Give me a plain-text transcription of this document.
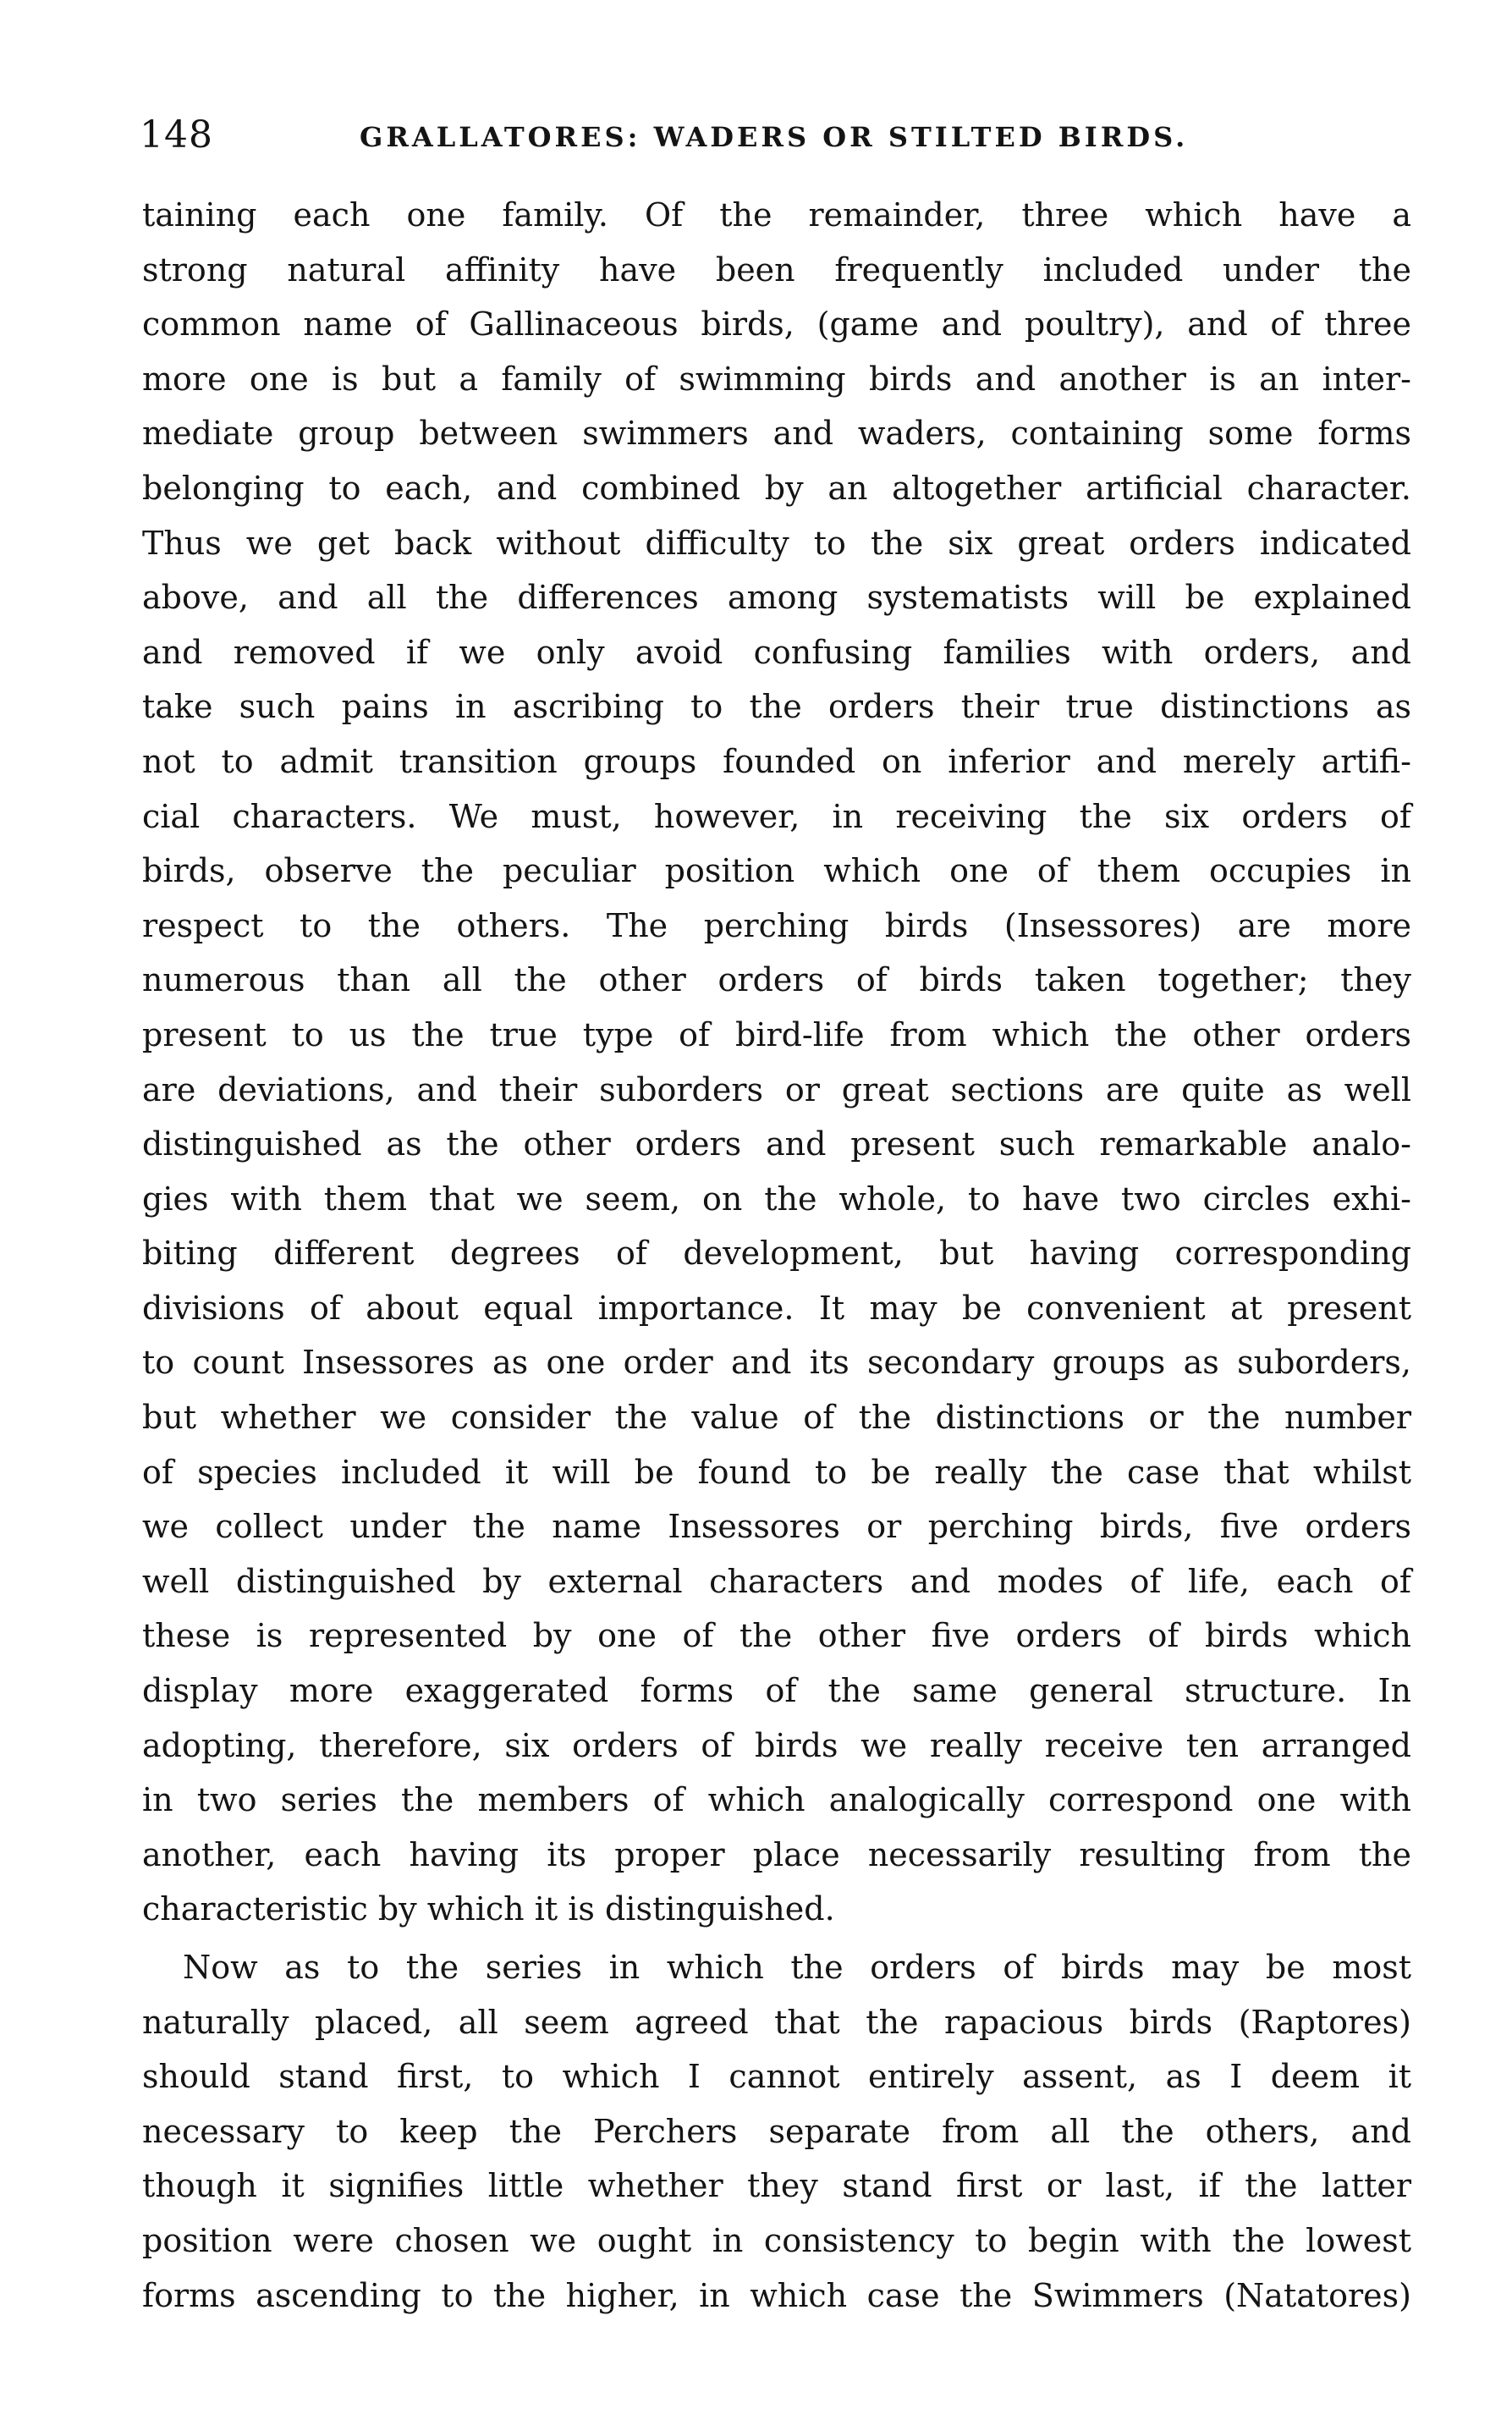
148	GRALLATORES: WADERS OR STILTED BIRDS.

taining each one family. Of the remainder, three which have a
strong natural affinity have been frequently included under the
common name of Gallinaceous birds, (game and poultry), and of three
more one is but a family of swimming birds and another is an inter-
mediate group between swimmers and waders, containing some forms
belonging to each, and combined by an altogether artificial character.
Thus we get back without difficulty to the six great orders indicated
above, and all the differences among systematists will be explained
and removed if we only avoid confusing families with orders, and
take such pains in ascribing to the orders their true distinctions as
not to admit transition groups founded on inferior and merely artifi-
cial characters. We must, however, in receiving the six orders of
birds, observe the peculiar position which one of them occupies in
respect to the others. The perching birds (Insessores) are more
numerous than all the other orders of birds taken together; they
present to us the true type of bird-life from which the other orders
are deviations, and their suborders or great sections are quite as well
distinguished as the other orders and present such remarkable analo-
gies with them that we seem, on the whole, to have two circles exhi-
biting different degrees of development, but having corresponding
divisions of about equal importance. It may be convenient at present
to count Insessores as one order and its secondary groups as suborders,
but whether we consider the value of the distinctions or the number
of species included it will be found to be really the case that whilst
we collect under the name Insessores or perching birds, five orders
well distinguished by external characters and modes of life, each of
these is represented by one of the other five orders of birds which
display more exaggerated forms of the same general structure. In
adopting, therefore, six orders of birds we really receive ten arranged
in two series the members of which analogically correspond one with
another, each having its proper place necessarily resulting from the
characteristic by which it is distinguished.

Now as to the series in which the orders of birds may be most
naturally placed, all seem agreed that the rapacious birds (Raptores)
should stand first, to which I cannot entirely assent, as I deem it
necessary to keep the Perchers separate from all the others, and
though it signifies little whether they stand first or last, if the latter
position were chosen we ought in consistency to begin with the lowest
forms ascending to the higher, in which case the Swimmers (Natatores)
